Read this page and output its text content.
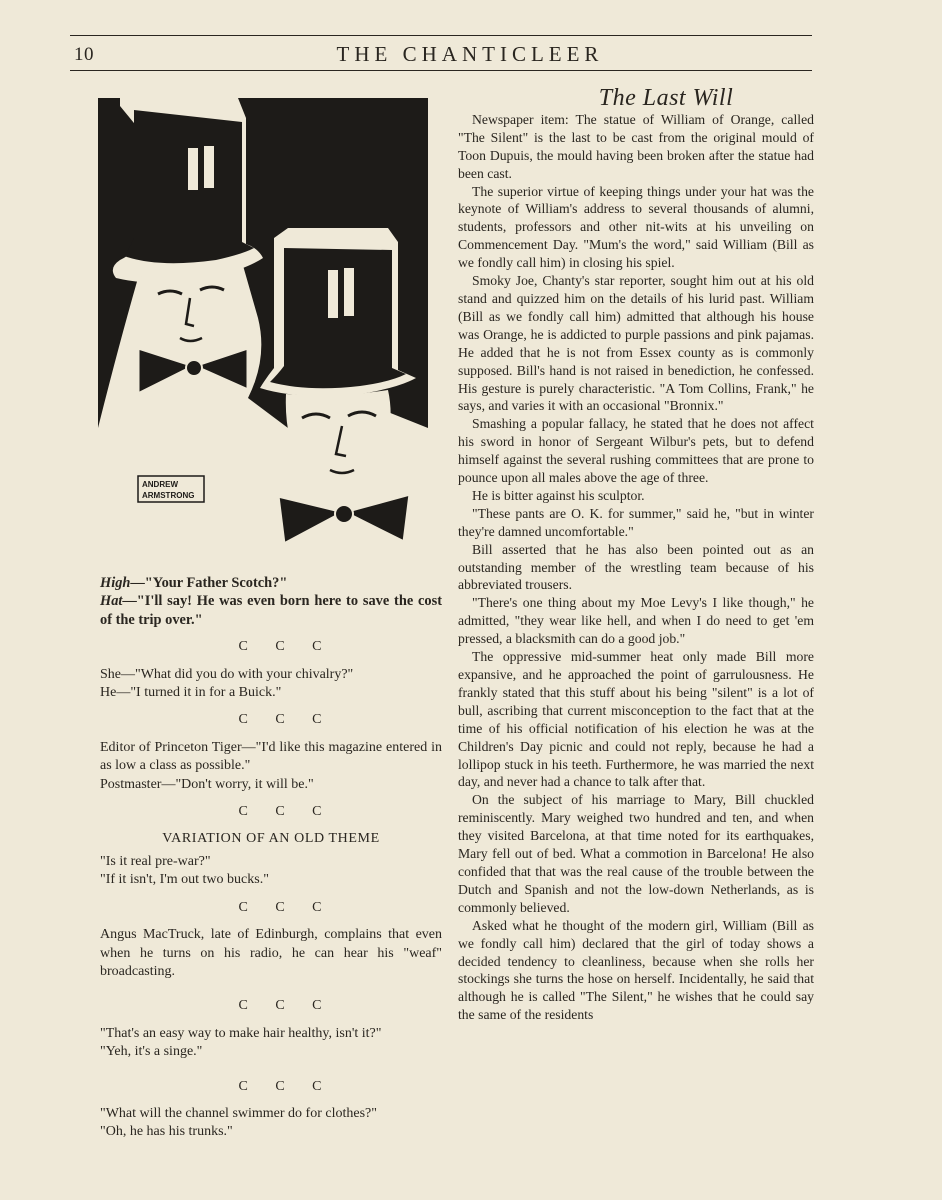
10	THE CHANTICLEER
ANDREW
ARMSTRONG

High—"Your Father Scotch?"

Hat—"I'll say! He was even born here to save the cost of the trip over."

C C C

She—"What did you do with your chivalry?"

He—"I turned it in for a Buick."

C C C

Editor of Princeton Tiger—"I'd like this magazine entered in as low a class as possible."

Postmaster—"Don't worry, it will be."

C C C

VARIATION OF AN OLD THEME

"Is it real pre-war?"

"If it isn't, I'm out two bucks."

C C C

Angus MacTruck, late of Edinburgh, complains that even when he turns on his radio, he can hear his "weaf" broadcasting.

C C C

"That's an easy way to make hair healthy, isn't it?"

"Yeh, it's a singe."

C C C

"What will the channel swimmer do for clothes?"

"Oh, he has his trunks."

The Last Will

Newspaper item: The statue of William of Orange, called "The Silent" is the last to be cast from the original mould of Toon Dupuis, the mould having been broken after the statue had been cast.

The superior virtue of keeping things under your hat was the keynote of William's address to several thousands of alumni, students, professors and other nit-wits at his unveiling on Commencement Day. "Mum's the word," said William (Bill as we fondly call him) in closing his spiel.

Smoky Joe, Chanty's star reporter, sought him out at his old stand and quizzed him on the details of his lurid past. William (Bill as we fondly call him) admitted that although his house was Orange, he is addicted to purple passions and pink pajamas. He added that he is not from Essex county as is commonly supposed. Bill's hand is not raised in benediction, he confessed. His gesture is purely characteristic. "A Tom Collins, Frank," he says, and varies it with an occasional "Bronnix."

Smashing a popular fallacy, he stated that he does not affect his sword in honor of Sergeant Wilbur's pets, but to defend himself against the several rushing committees that are prone to pounce upon all males above the age of three.

He is bitter against his sculptor.

"These pants are O. K. for summer," said he, "but in winter they're damned uncomfortable."

Bill asserted that he has also been pointed out as an outstanding member of the wrestling team because of his abbreviated trousers.

"There's one thing about my Moe Levy's I like though," he admitted, "they wear like hell, and when I do need to get 'em pressed, a blacksmith can do a good job."

The oppressive mid-summer heat only made Bill more expansive, and he approached the point of garrulousness. He frankly stated that this stuff about his being "silent" is a lot of bull, ascribing that current misconception to the fact that at the time of his official notification of his election he was at the Children's Day picnic and could not reply, because he had a lollipop stuck in his teeth. Furthermore, he was married the next day, and never had a chance to talk after that.

On the subject of his marriage to Mary, Bill chuckled reminiscently. Mary weighed two hundred and ten, and when they visited Barcelona, at that time noted for its earthquakes, Mary fell out of bed. What a commotion in Barcelona! He also confided that that was the real cause of the trouble between the Dutch and Spanish and not the low-down Netherlands, as is commonly believed.

Asked what he thought of the modern girl, William (Bill as we fondly call him) declared that the girl of today shows a decided tendency to cleanliness, because when she rolls her stockings she turns the hose on herself. Incidentally, he said that although he is called "The Silent," he wishes that he could say the same of the residents
